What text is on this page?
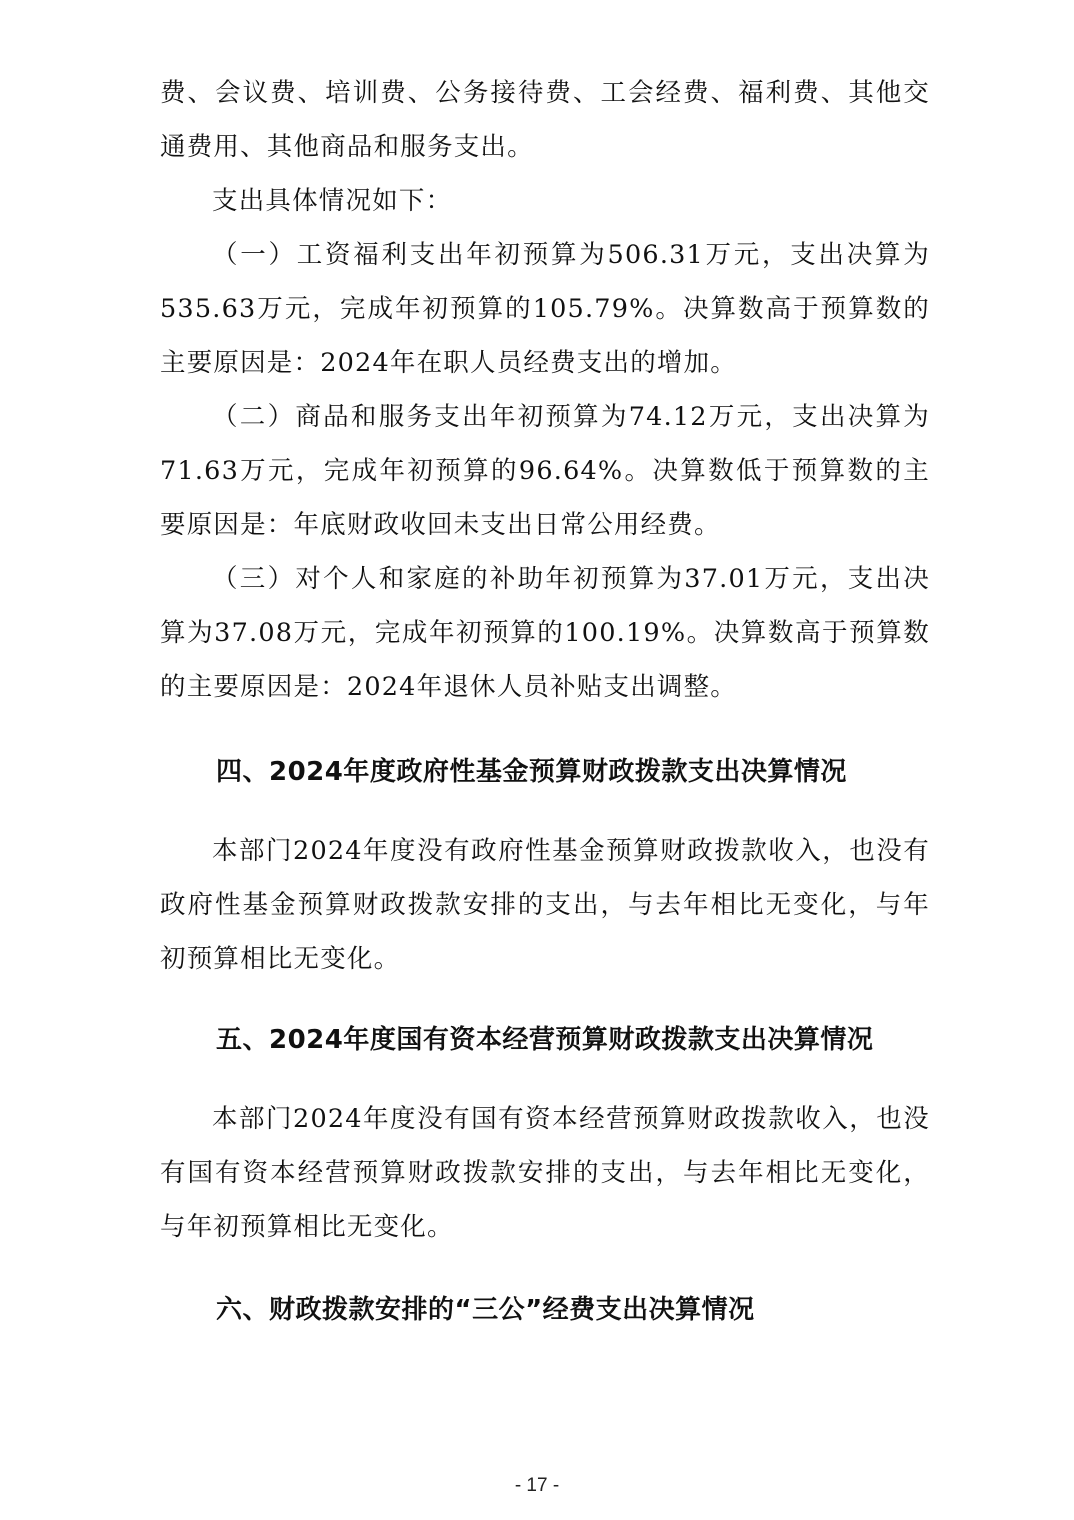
费、会议费、培训费、公务接待费、工会经费、福利费、其他交通费用、其他商品和服务支出。

支出具体情况如下：

（一）工资福利支出年初预算为506.31万元，支出决算为535.63万元，完成年初预算的105.79%。决算数高于预算数的主要原因是：2024年在职人员经费支出的增加。

（二）商品和服务支出年初预算为74.12万元，支出决算为71.63万元，完成年初预算的96.64%。决算数低于预算数的主要原因是：年底财政收回未支出日常公用经费。

（三）对个人和家庭的补助年初预算为37.01万元，支出决算为37.08万元，完成年初预算的100.19%。决算数高于预算数的主要原因是：2024年退休人员补贴支出调整。

四、2024年度政府性基金预算财政拨款支出决算情况

本部门2024年度没有政府性基金预算财政拨款收入，也没有政府性基金预算财政拨款安排的支出，与去年相比无变化，与年初预算相比无变化。

五、2024年度国有资本经营预算财政拨款支出决算情况

本部门2024年度没有国有资本经营预算财政拨款收入，也没有国有资本经营预算财政拨款安排的支出，与去年相比无变化，与年初预算相比无变化。

六、财政拨款安排的“三公”经费支出决算情况
- 17 -
